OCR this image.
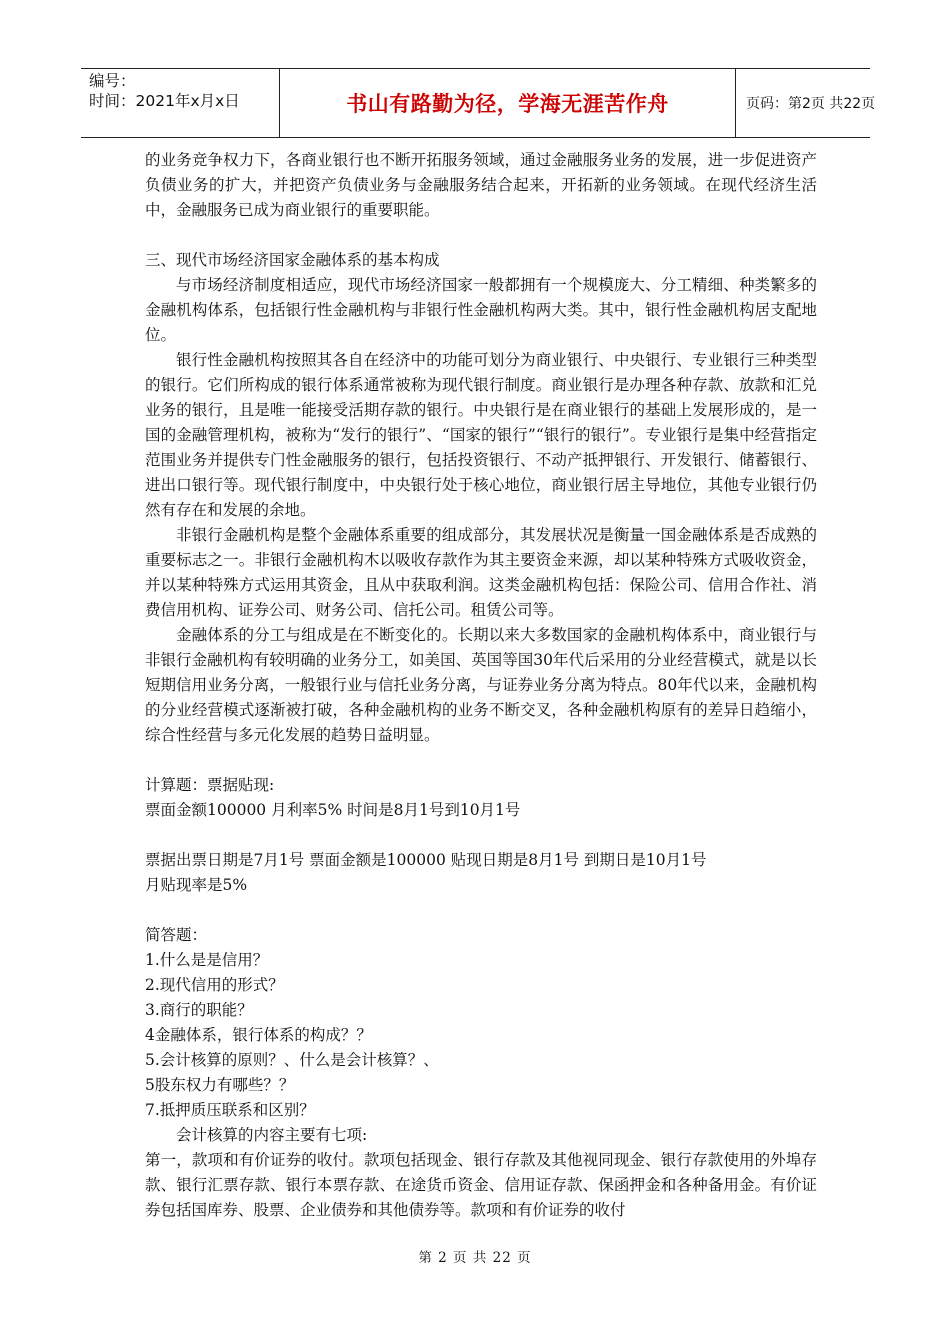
编号：
时间：2021年x月x日	书山有路勤为径，学海无涯苦作舟	页码：第2页 共22页

的业务竞争权力下，各商业银行也不断开拓服务领域，通过金融服务业务的发展，进一步促进资产负债业务的扩大，并把资产负债业务与金融服务结合起来，开拓新的业务领域。在现代经济生活中，金融服务已成为商业银行的重要职能。

三、现代市场经济国家金融体系的基本构成

与市场经济制度相适应，现代市场经济国家一般都拥有一个规模庞大、分工精细、种类繁多的金融机构体系，包括银行性金融机构与非银行性金融机构两大类。其中，银行性金融机构居支配地位。

银行性金融机构按照其各自在经济中的功能可划分为商业银行、中央银行、专业银行三种类型的银行。它们所构成的银行体系通常被称为现代银行制度。商业银行是办理各种存款、放款和汇兑业务的银行，且是唯一能接受活期存款的银行。中央银行是在商业银行的基础上发展形成的，是一国的金融管理机构，被称为“发行的银行”、“国家的银行”“银行的银行”。专业银行是集中经营指定范围业务并提供专门性金融服务的银行，包括投资银行、不动产抵押银行、开发银行、储蓄银行、进出口银行等。现代银行制度中，中央银行处于核心地位，商业银行居主导地位，其他专业银行仍然有存在和发展的余地。

非银行金融机构是整个金融体系重要的组成部分，其发展状况是衡量一国金融体系是否成熟的重要标志之一。非银行金融机构木以吸收存款作为其主要资金来源，却以某种特殊方式吸收资金，并以某种特殊方式运用其资金，且从中获取利润。这类金融机构包括：保险公司、信用合作社、消费信用机构、证券公司、财务公司、信托公司。租赁公司等。

金融体系的分工与组成是在不断变化的。长期以来大多数国家的金融机构体系中，商业银行与非银行金融机构有较明确的业务分工，如美国、英国等国30年代后采用的分业经营模式，就是以长短期信用业务分离，一般银行业与信托业务分离，与证券业务分离为特点。80年代以来，金融机构的分业经营模式逐渐被打破，各种金融机构的业务不断交叉，各种金融机构原有的差异日趋缩小，综合性经营与多元化发展的趋势日益明显。

计算题：票据贴现:

票面金额100000 月利率5% 时间是8月1号到10月1号

票据出票日期是7月1号 票面金额是100000 贴现日期是8月1号 到期日是10月1号

月贴现率是5%

简答题：

1.什么是是信用？

2.现代信用的形式？

3.商行的职能？

4金融体系，银行体系的构成？？

5.会计核算的原则？、什么是会计核算？、

5股东权力有哪些？？

7.抵押质压联系和区别？

会计核算的内容主要有七项:

第一，款项和有价证券的收付。款项包括现金、银行存款及其他视同现金、银行存款使用的外埠存款、银行汇票存款、银行本票存款、在途货币资金、信用证存款、保函押金和各种备用金。有价证券包括国库券、股票、企业债券和其他债券等。款项和有价证券的收付

第 2 页 共 22 页
